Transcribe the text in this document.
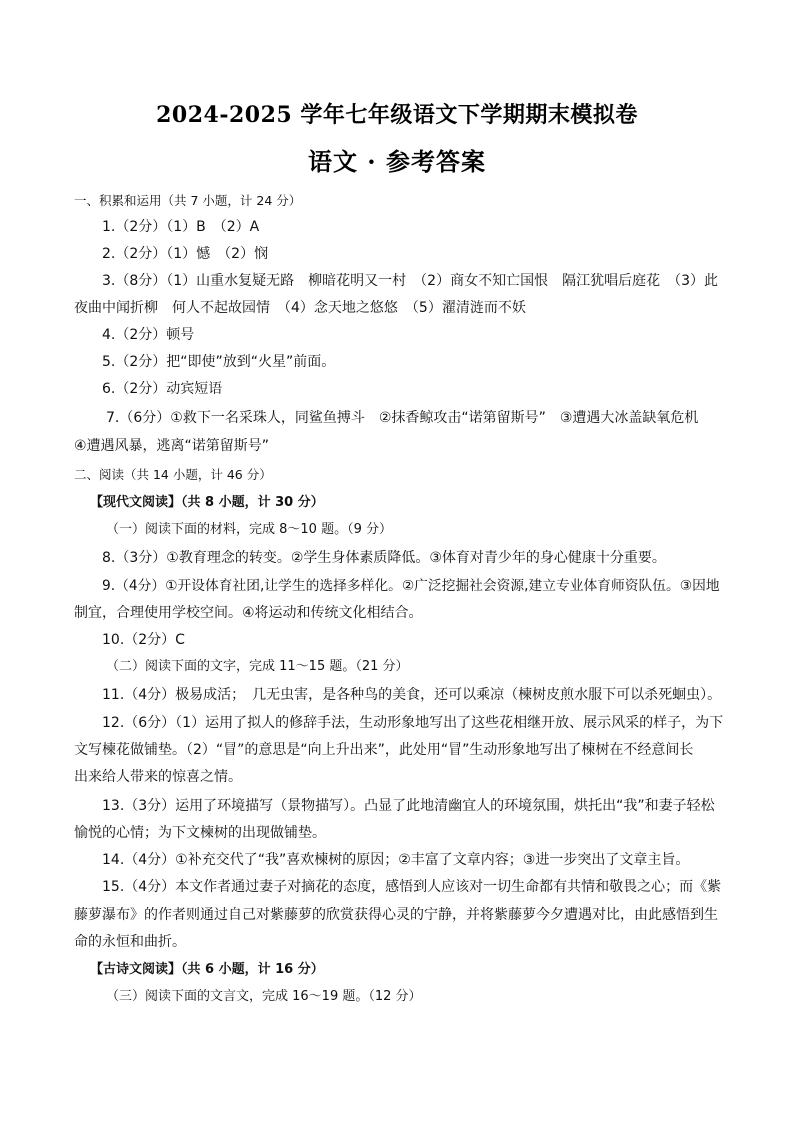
2024-2025 学年七年级语文下学期期末模拟卷
语文 · 参考答案
一、积累和运用（共 7 小题，计 24 分）
1.（2分）（1）B　（2）A
2.（2分）（1）憾　（2）悯
3.（8分）（1）山重水复疑无路　柳暗花明又一村　（2）商女不知亡国恨　隔江犹唱后庭花　（3）此
夜曲中闻折柳　何人不起故园情　（4）念天地之悠悠　（5）濯清涟而不妖
4.（2分）顿号
5.（2分）把“即使”放到“火星”前面。
6.（2分）动宾短语
7.（6分）①救下一名采珠人，同鲨鱼搏斗　②抹香鲸攻击“诺第留斯号”　③遭遇大冰盖缺氧危机
④遭遇风暴，逃离“诺第留斯号”
二、阅读（共 14 小题，计 46 分）
【现代文阅读】（共 8 小题，计 30 分）
（一）阅读下面的材料，完成 8～10 题。（9 分）
8.（3分）①教育理念的转变。②学生身体素质降低。③体育对青少年的身心健康十分重要。
9.（4分）①开设体育社团,让学生的选择多样化。②广泛挖掘社会资源,建立专业体育师资队伍。③因地
制宜，合理使用学校空间。④将运动和传统文化相结合。
10.（2分）C
（二）阅读下面的文字，完成 11～15 题。（21 分）
11.（4分）极易成活；　几无虫害，是各种鸟的美食，还可以乘凉（楝树皮煎水服下可以杀死蛔虫）。
12.（6分）（1）运用了拟人的修辞手法，生动形象地写出了这些花相继开放、展示风采的样子，为下
文写楝花做铺垫。（2）“冒”的意思是“向上升出来”，此处用“冒”生动形象地写出了楝树在不经意间长
出来给人带来的惊喜之情。
13.（3分）运用了环境描写（景物描写）。凸显了此地清幽宜人的环境氛围，烘托出“我”和妻子轻松
愉悦的心情；为下文楝树的出现做铺垫。
14.（4分）①补充交代了“我”喜欢楝树的原因；②丰富了文章内容；③进一步突出了文章主旨。
15.（4分）本文作者通过妻子对摘花的态度，感悟到人应该对一切生命都有共情和敬畏之心；而《紫
藤萝瀑布》的作者则通过自己对紫藤萝的欣赏获得心灵的宁静，并将紫藤萝今夕遭遇对比，由此感悟到生
命的永恒和曲折。
【古诗文阅读】（共 6 小题，计 16 分）
（三）阅读下面的文言文，完成 16～19 题。（12 分）
